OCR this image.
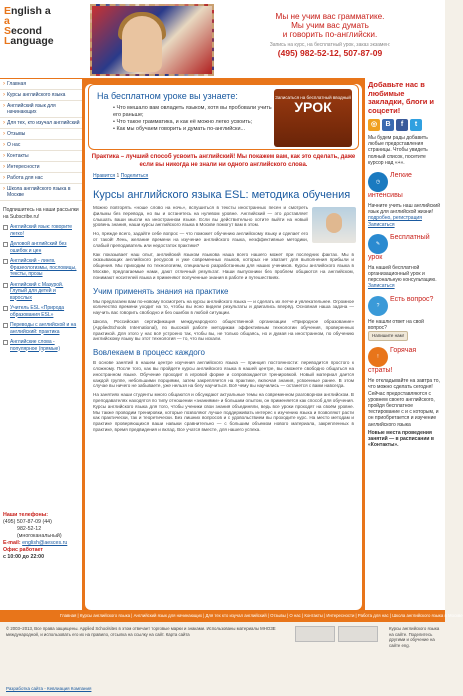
English a
a
Second
Language
Мы не учим вас грамматике.
Мы учим вас думать
и говорить по-английски.
Запись на курс, на бесплатный урок, заказ экзамен:
(495) 982-52-12, 507-87-09
› Главная
› Курсы английского языка
› Английский язык для начинающих
› Для тех, кто изучал английский
› Отзывы
› О нас
› Контакты
› Интересности
› Работа для нас
› Школа английского языка в Москве
Подпишитесь на наши рассылки на Subscribe.ru!
Английский язык: говорите легко!
Деловой английский без ошибок и цен
Английский - лингв. Фразеологизмы, пословицы, тексты, прозы
Английский с Мазурой. Глупый для детей и взрослых
Учитель ESL «Природа образования ESL»
Переводы с английской и на английский: практика
Английские слова - популярное (прямые)
Наши телефоны:
(495) 507-87-09 (44)
982-52-12
(многоканальный)
E-mail: english@aesces.ru
Офис работает
с 10:00 до 22:00
На бесплатном уроке вы узнаете:
• Что мешало вам овладеть языком, хотя вы пробовали учить его раньше;
• Что такое грамматика, и как её можно легко усвоить;
• Как мы обучаем говорить и думать по-английски...
Записаться на бесплатный вводный
УРОК
Практика – лучший способ усвоить английский! Мы покажем вам, как это сделать, даже если вы никогда не знали ни одного английского слова.
Нравится 1 Поделиться
Курсы английского языка ESL: методика обучения
Можно повторять «ноше слово на ночь», вспушиться в тексты иностранных песен и смотреть фильмы без перевода, но вы и останетесь на нулевом уровне. Английский — это доставляет слышать ваши мысли на иностранном языке. Если вы действительно хотите выйти на новый уровень знания, наши курсы английского языка в Москве помогут вам в этом.
Но, прежде всего, задайте себе вопрос — что поможет обучению английскому языку и сделает его от такой! Лень, желание времени на изучение английского языка, неэффективные методики, слабый преподаватель или недостаток практики?
Как показывает наш опыт, английский языком языкова наша всего нашего может при последних фактах. Мы в оказывающих английского ресурсов и уже современных языков, которых не хватает для выполнения прибыли и общения. Мы приходим по технологиям, специально разработанным для наших учеников. Курсы английского языка в Москве, предлагаемые нами, дают отличный результат. Наши выпускники без проблем общаются на английском, понимают носителей языка и применяют полученные знания в работе и путешествиях.
Учим применять знания на практике
Мы предлагаем вам по-новому посмотреть на курсы английского языка — и сделать их легче и увлекательнее. Огромное количество времени уходит на то, чтобы вы ясно видели результаты и двигались вперёд. Основная наша задача — научить вас говорить свободно и без ошибок в любой ситуации.
Школа, Российская сертификация международного общественной организации «Природное образование» (AppliedSchools International), по высокой работе методикам эффективным технологии обучения, проверенных практикой. Для этого у нас всё устроено так, чтобы вы, не только общаясь, но и думая на иностранном, по обучению английскому языку вы этот технология — то, что вы искали.
Вовлекаем в процесс каждого
В основе занятий в нашем центре изучения английского языка — принцип постоянности: переводится простого к сложному. После того, как вы пройдете курсы английского языка в нашей центре, вы сможете свободно общаться на иностранном языке. Обучение проходит в игровой форме и сопровождается тренировкой. Новый материал дается каждой группе, небольшими порциями, затем закрепляется на практике, включая знания, усвоенные ранее. В этом случае вы ничего не забываете, уже нельзя на бегу научиться. Всё чему вы научились — останется с вами навсегда.
На занятиях наши студенты много общаются и обсуждают актуальные темы на современном разговорном английском. В преподавателях находятся по типу отношении «знаниями» и большим опытом, он применяется как способ для обучения. Курсы английского языка для того, чтобы ученики свои знания объединяли, ведь все уроки проходят на своём уровне. Мы также проводим тренировки, которые позволяют лучше поддерживать интерес к изучению языка и позволяют расти как практически, так и теоретически. Без лишних вопросов и с удовольствием вы проходите курс. На место методам и практике проверяющихся ваши навыки сравнительно — с большим объемом нового материала, закрепленных в практике, время предвидения и вклад. Все учатся вместе, для нашего успеха.
Добавьте нас в любимые закладки, блоги и соцсети!
◎ B f t
Мы будем рады добавить любые предоставления страницы. Чтобы увидеть полный список, посетите курсор над «+».
◷Легкие интенсивы
Начните учить наш английский язык для английской жизни!
подробно, регистрация
Записаться
✎Бесплатный урок
На нашей бесплатной организационный урок и персональную консультацию.
Записаться
?Есть вопрос?
Не нашли ответ на свой вопрос?
Напишите нам!
!Горячая страты!
Не откладывайте на завтра то, что можно сделать сегодня! Сейчас предоставляются с уровнем своего английского, пройдя бесплатное тестирование с и с которым, и он приобретается и изучение английского языка
Новые места проведения занятий — в расписании в «Контакты».
Главная | Курсы английского языка | Английский язык для начинающих | Для тех кто изучал английский | Отзывы | О нас | Контакты | Интересности | Работа для нас | Школа английского языка в Москве
© 2003–2013, Все права защищены. Applied Schoolsites в этом отвечает торговые марки и знаками. Использованы материалы МНОЗЕ международной, и использовать его их на правило, отсылка на ссылку на сайт. Карта сайта
Курсы английского языка на сайте. Поделитесь другими и обучение на сайте eng.
Разработка сайта - Кевлиация Компания
